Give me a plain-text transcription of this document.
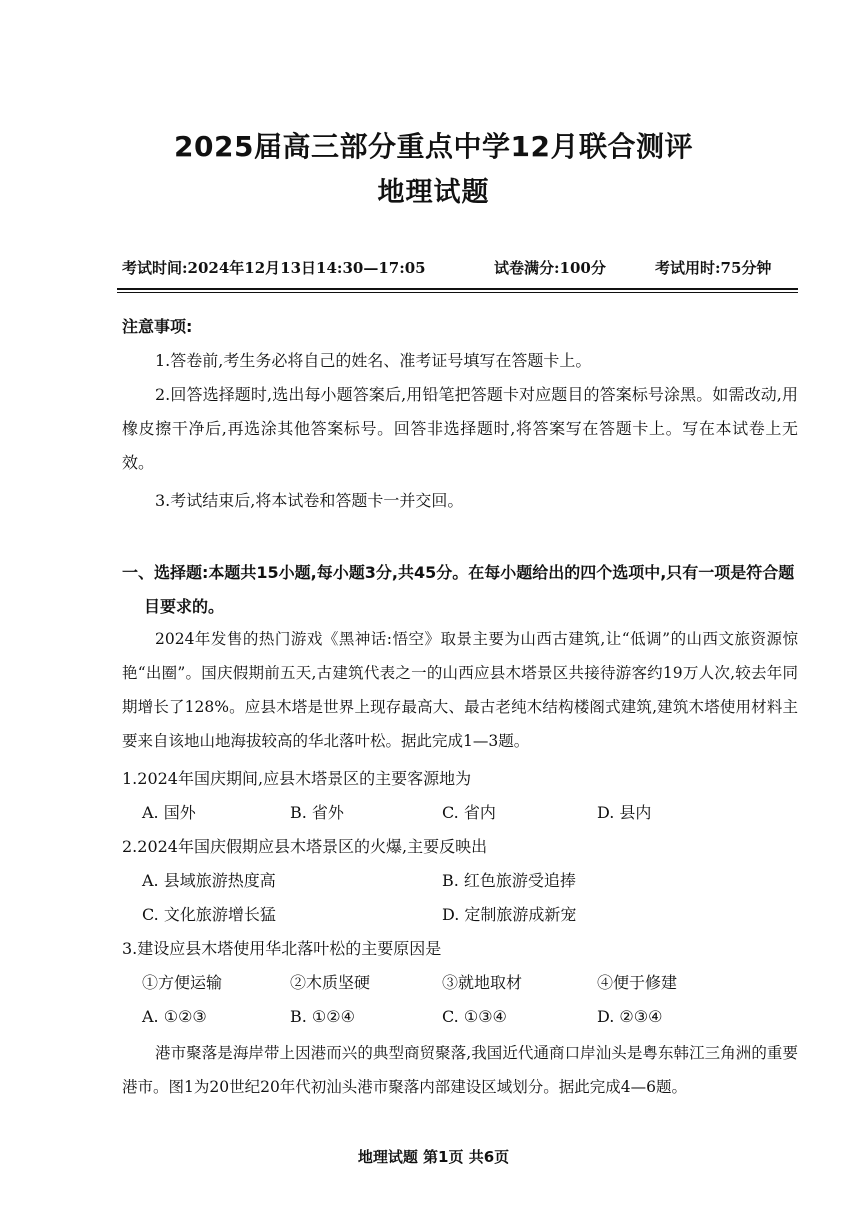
2025届高三部分重点中学12月联合测评
地理试题
考试时间:2024年12月13日14:30—17:05	试卷满分:100分	考试用时:75分钟
注意事项:
1.答卷前,考生务必将自己的姓名、准考证号填写在答题卡上。
2.回答选择题时,选出每小题答案后,用铅笔把答题卡对应题目的答案标号涂黑。如需改动,用橡皮擦干净后,再选涂其他答案标号。回答非选择题时,将答案写在答题卡上。写在本试卷上无效。
3.考试结束后,将本试卷和答题卡一并交回。
一、选择题:本题共15小题,每小题3分,共45分。在每小题给出的四个选项中,只有一项是符合题目要求的。
2024年发售的热门游戏《黑神话:悟空》取景主要为山西古建筑,让“低调”的山西文旅资源惊艳“出圈”。国庆假期前五天,古建筑代表之一的山西应县木塔景区共接待游客约19万人次,较去年同期增长了128%。应县木塔是世界上现存最高大、最古老纯木结构楼阁式建筑,建筑木塔使用材料主要来自该地山地海拔较高的华北落叶松。据此完成1—3题。
1.2024年国庆期间,应县木塔景区的主要客源地为
A. 国外	B. 省外	C. 省内	D. 县内
2.2024年国庆假期应县木塔景区的火爆,主要反映出
A. 县域旅游热度高	B. 红色旅游受追捧
C. 文化旅游增长猛	D. 定制旅游成新宠
3.建设应县木塔使用华北落叶松的主要原因是
①方便运输	②木质坚硬	③就地取材	④便于修建
A. ①②③	B. ①②④	C. ①③④	D. ②③④
港市聚落是海岸带上因港而兴的典型商贸聚落,我国近代通商口岸汕头是粤东韩江三角洲的重要港市。图1为20世纪20年代初汕头港市聚落内部建设区域划分。据此完成4—6题。
地理试题 第1页 共6页
